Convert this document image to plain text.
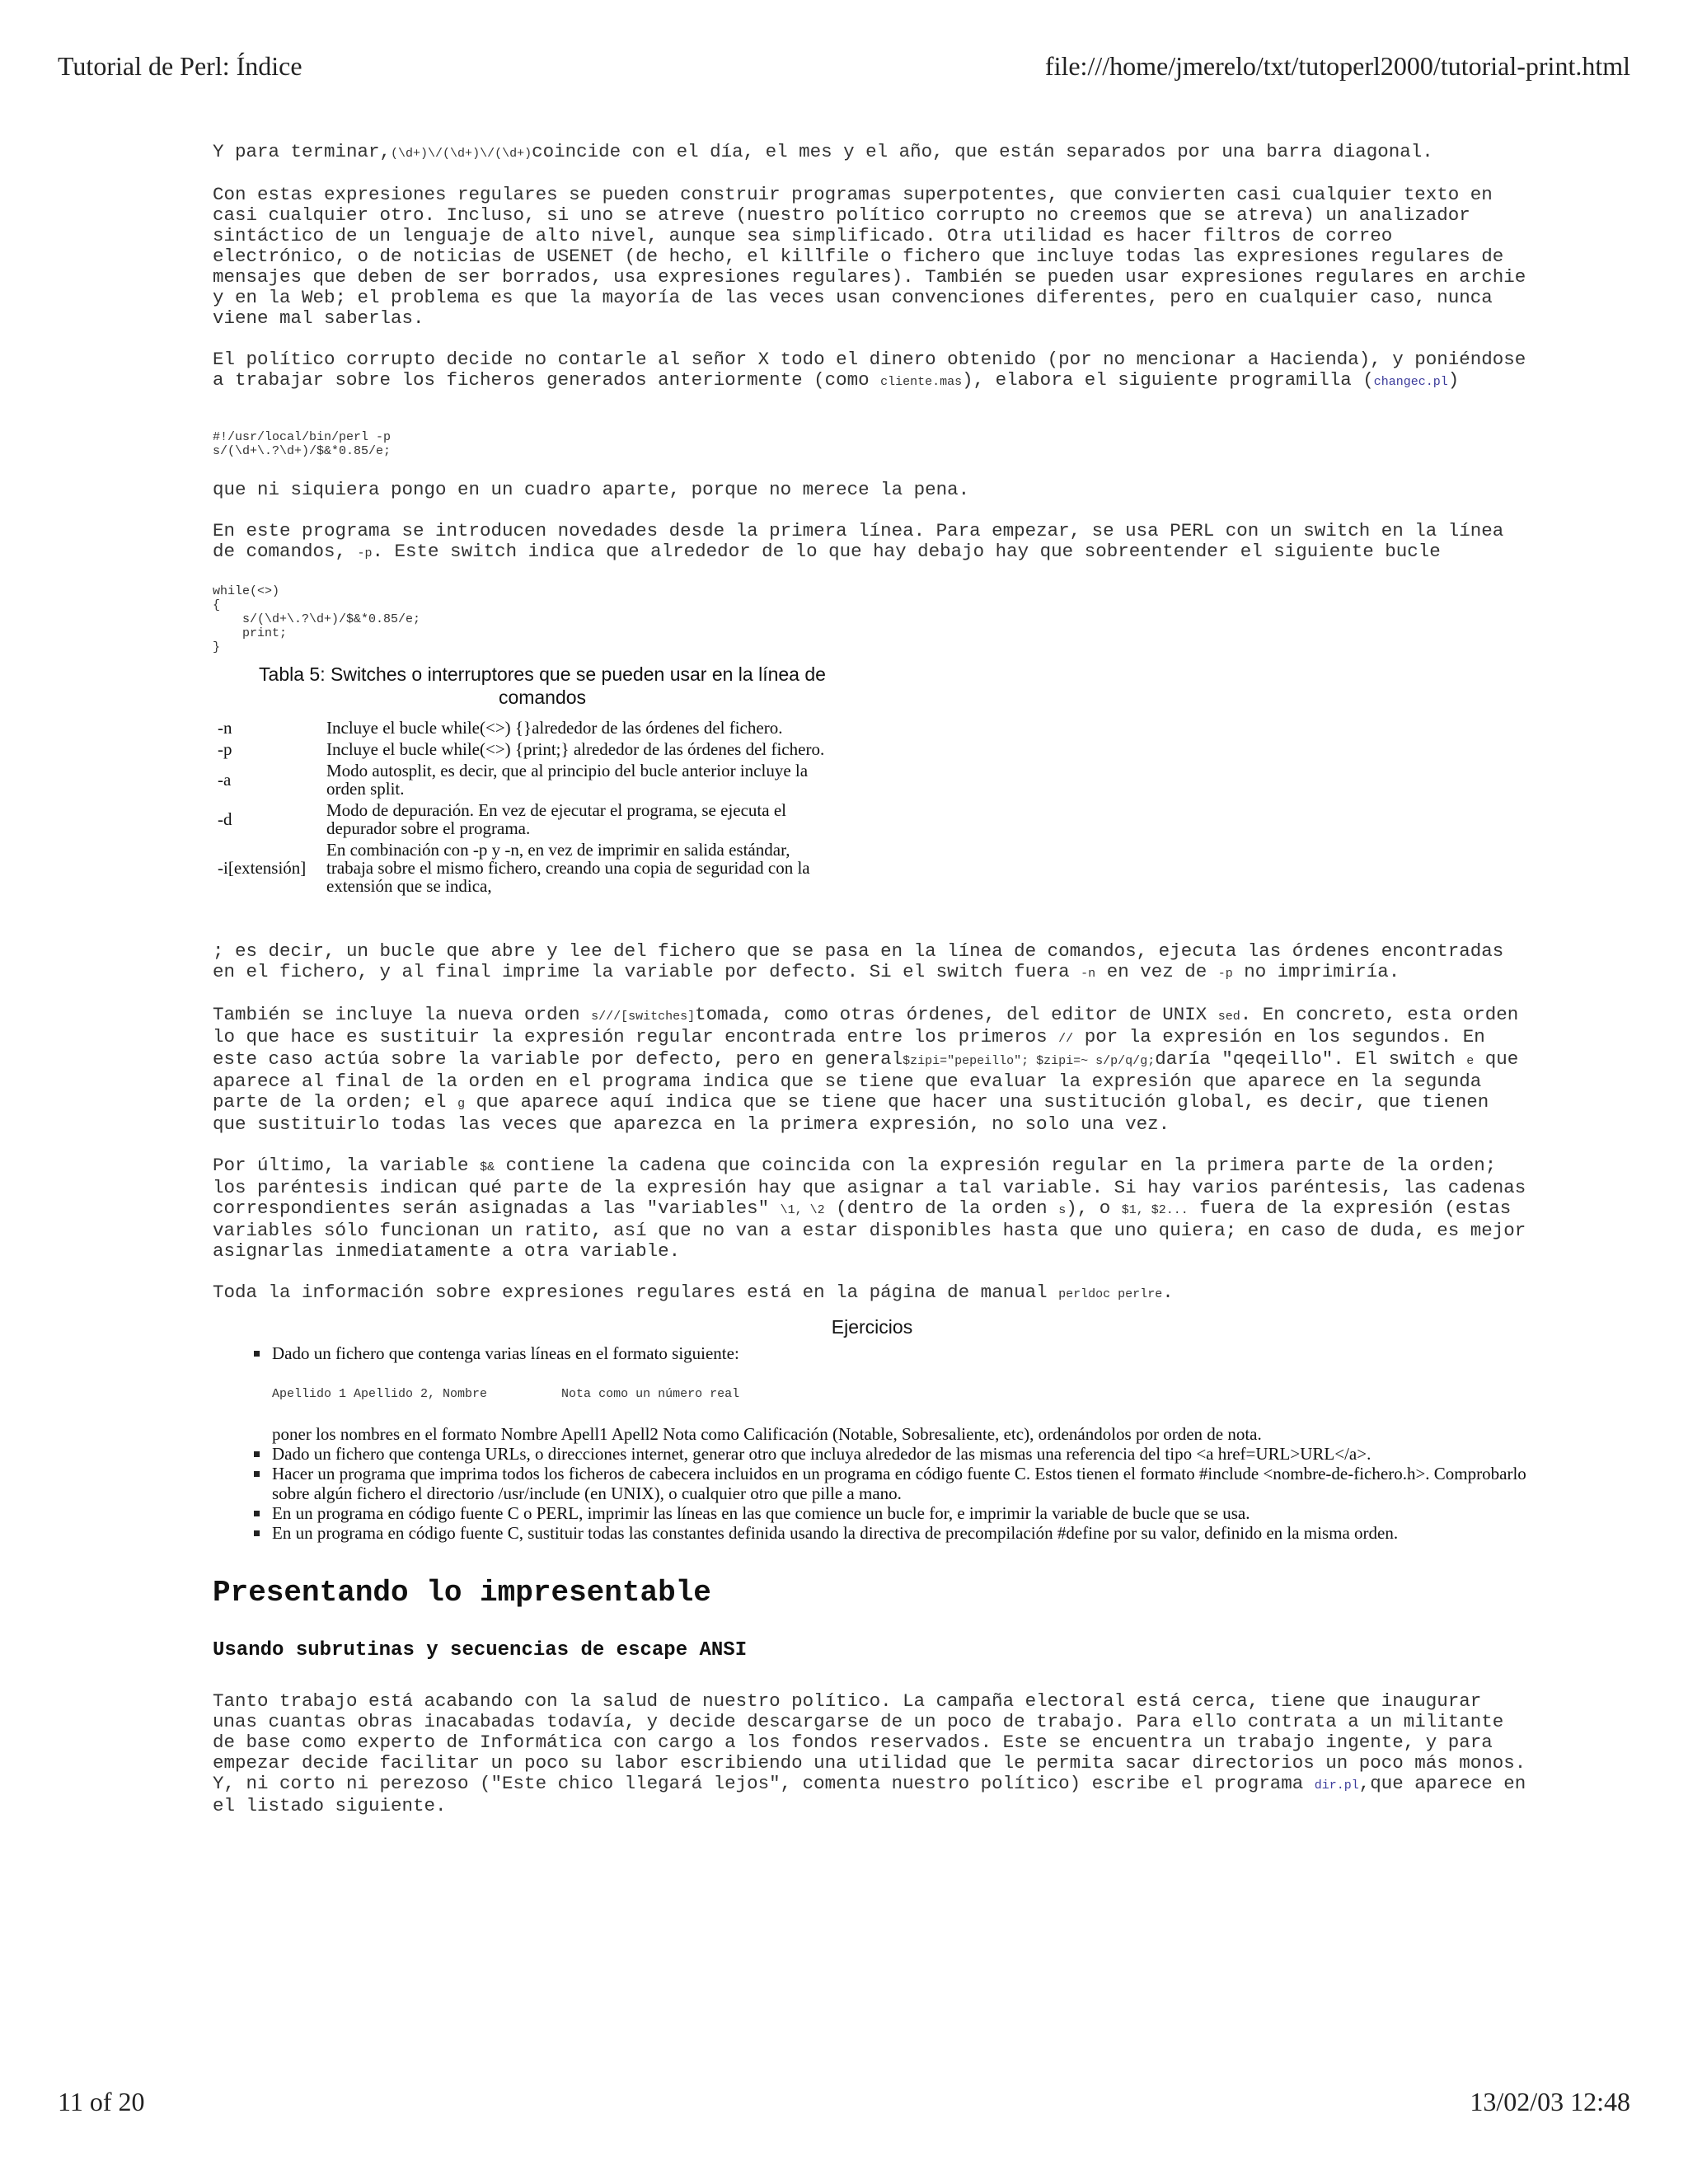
Tutorial de Perl: Índice	file:///home/jmerelo/txt/tutoperl2000/tutorial-print.html

Y para terminar,(\d+)\/(\d+)\/(\d+)coincide con el día, el mes y el año, que están separados por una barra diagonal.

Con estas expresiones regulares se pueden construir programas superpotentes, que convierten casi cualquier texto en casi cualquier otro. Incluso, si uno se atreve (nuestro político corrupto no creemos que se atreva) un analizador sintáctico de un lenguaje de alto nivel, aunque sea simplificado. Otra utilidad es hacer filtros de correo electrónico, o de noticias de USENET (de hecho, el killfile o fichero que incluye todas las expresiones regulares de mensajes que deben de ser borrados, usa expresiones regulares). También se pueden usar expresiones regulares en archie y en la Web; el problema es que la mayoría de las veces usan convenciones diferentes, pero en cualquier caso, nunca viene mal saberlas.

El político corrupto decide no contarle al señor X todo el dinero obtenido (por no mencionar a Hacienda), y poniéndose a trabajar sobre los ficheros generados anteriormente (como cliente.mas), elabora el siguiente programilla (changec.pl)

#!/usr/local/bin/perl -p
s/(\d+\.?\d+)/$&*0.85/e;

que ni siquiera pongo en un cuadro aparte, porque no merece la pena.

En este programa se introducen novedades desde la primera línea. Para empezar, se usa PERL con un switch en la línea de comandos, -p. Este switch indica que alrededor de lo que hay debajo hay que sobreentender el siguiente bucle

while(<>)
{
s/(\d+\.?\d+)/$&*0.85/e;
print;
}
Tabla 5: Switches o interruptores que se pueden usar en la línea de comandos
-n	Incluye el bucle while(<>) {}alrededor de las órdenes del fichero.
-p	Incluye el bucle while(<>) {print;} alrededor de las órdenes del fichero.
-a	Modo autosplit, es decir, que al principio del bucle anterior incluye la orden split.
-d	Modo de depuración. En vez de ejecutar el programa, se ejecuta el depurador sobre el programa.
-i[extensión]	En combinación con -p y -n, en vez de imprimir en salida estándar, trabaja sobre el mismo fichero, creando una copia de seguridad con la extensión que se indica,

; es decir, un bucle que abre y lee del fichero que se pasa en la línea de comandos, ejecuta las órdenes encontradas en el fichero, y al final imprime la variable por defecto. Si el switch fuera -n en vez de -p no imprimiría.

También se incluye la nueva orden s///[switches]tomada, como otras órdenes, del editor de UNIX sed. En concreto, esta orden lo que hace es sustituir la expresión regular encontrada entre los primeros // por la expresión en los segundos. En este caso actúa sobre la variable por defecto, pero en general$zipi="pepeillo"; $zipi=~ s/p/q/g;daría "qeqeillo". El switch e que aparece al final de la orden en el programa indica que se tiene que evaluar la expresión que aparece en la segunda parte de la orden; el g que aparece aquí indica que se tiene que hacer una sustitución global, es decir, que tienen que sustituirlo todas las veces que aparezca en la primera expresión, no solo una vez.

Por último, la variable $& contiene la cadena que coincida con la expresión regular en la primera parte de la orden; los paréntesis indican qué parte de la expresión hay que asignar a tal variable. Si hay varios paréntesis, las cadenas correspondientes serán asignadas a las "variables" \1, \2 (dentro de la orden s), o $1, $2... fuera de la expresión (estas variables sólo funcionan un ratito, así que no van a estar disponibles hasta que uno quiera; en caso de duda, es mejor asignarlas inmediatamente a otra variable.

Toda la información sobre expresiones regulares está en la página de manual perldoc perlre.

Ejercicios
Dado un fichero que contenga varias líneas en el formato siguiente:
Apellido 1 Apellido 2, Nombre          Nota como un número real
poner los nombres en el formato Nombre Apell1 Apell2 Nota como Calificación (Notable, Sobresaliente, etc), ordenándolos por orden de nota.
Dado un fichero que contenga URLs, o direcciones internet, generar otro que incluya alrededor de las mismas una referencia del tipo <a href=URL>URL</a>.
Hacer un programa que imprima todos los ficheros de cabecera incluidos en un programa en código fuente C. Estos tienen el formato #include <nombre-de-fichero.h>. Comprobarlo sobre algún fichero el directorio /usr/include (en UNIX), o cualquier otro que pille a mano.
En un programa en código fuente C o PERL, imprimir las líneas en las que comience un bucle for, e imprimir la variable de bucle que se usa.
En un programa en código fuente C, sustituir todas las constantes definida usando la directiva de precompilación #define por su valor, definido en la misma orden.
Presentando lo impresentable
Usando subrutinas y secuencias de escape ANSI

Tanto trabajo está acabando con la salud de nuestro político. La campaña electoral está cerca, tiene que inaugurar unas cuantas obras inacabadas todavía, y decide descargarse de un poco de trabajo. Para ello contrata a un militante de base como experto de Informática con cargo a los fondos reservados. Este se encuentra un trabajo ingente, y para empezar decide facilitar un poco su labor escribiendo una utilidad que le permita sacar directorios un poco más monos. Y, ni corto ni perezoso ("Este chico llegará lejos", comenta nuestro político) escribe el programa dir.pl,que aparece en el listado siguiente.

11 of 20	13/02/03 12:48
